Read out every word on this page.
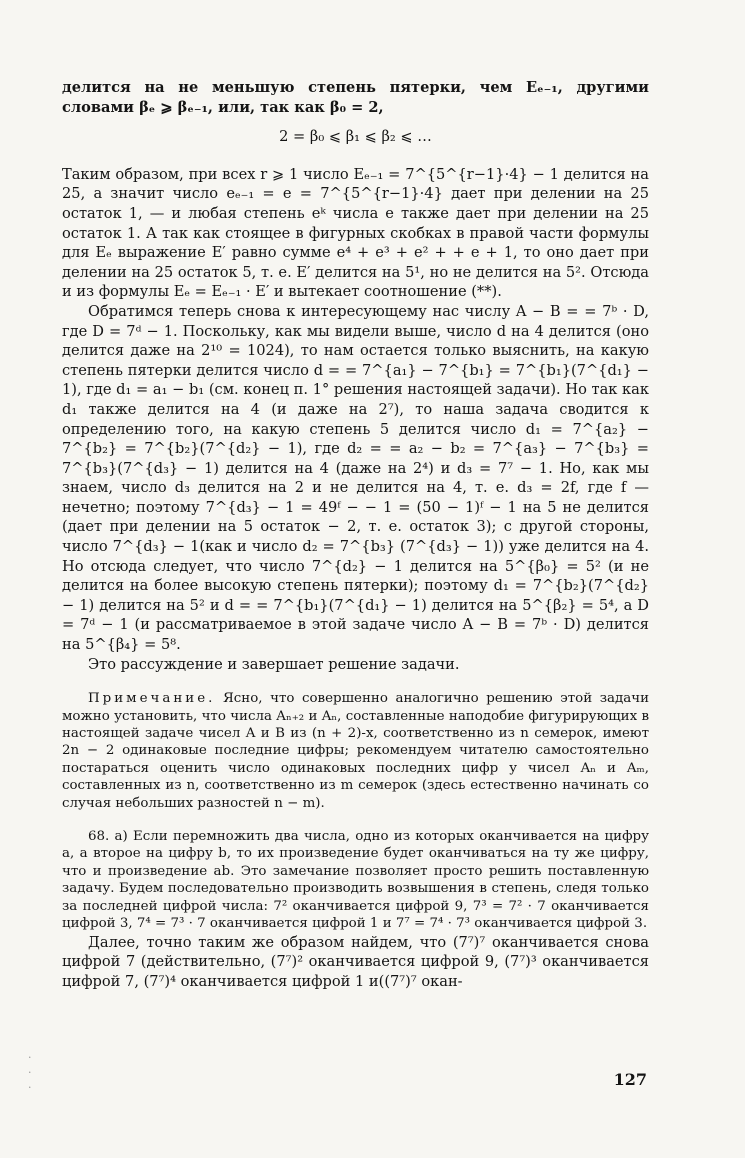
делится на не меньшую степень пятерки, чем Eₑ₋₁, другими словами βₑ ⩾ βₑ₋₁, или, так как β₀ = 2,

2 = β₀ ⩽ β₁ ⩽ β₂ ⩽ …

Таким образом, при всех r ⩾ 1 число Eₑ₋₁ = 7^{5^{r−1}·4} − 1 делится на 25, а значит число eₑ₋₁ = e = 7^{5^{r−1}·4} дает при делении на 25 остаток 1, — и любая степень eᵏ числа e также дает при делении на 25 остаток 1. А так как стоящее в фигурных скобках в правой части формулы для Eₑ выражение E′ равно сумме e⁴ + e³ + e² + + e + 1, то оно дает при делении на 25 остаток 5, т. е. E′ делится на 5¹, но не делится на 5². Отсюда и из формулы Eₑ = Eₑ₋₁ · E′ и вытекает соотношение (**).

Обратимся теперь снова к интересующему нас числу A − B = = 7ᵇ · D, где D = 7ᵈ − 1. Поскольку, как мы видели выше, число d на 4 делится (оно делится даже на 2¹⁰ = 1024), то нам остается только выяснить, на какую степень пятерки делится число d = = 7^{a₁} − 7^{b₁} = 7^{b₁}(7^{d₁} − 1), где d₁ = a₁ − b₁ (см. конец п. 1° решения настоящей задачи). Но так как d₁ также делится на 4 (и даже на 2⁷), то наша задача сводится к определению того, на какую степень 5 делится число d₁ = 7^{a₂} − 7^{b₂} = 7^{b₂}(7^{d₂} − 1), где d₂ = = a₂ − b₂ = 7^{a₃} − 7^{b₃} = 7^{b₃}(7^{d₃} − 1) делится на 4 (даже на 2⁴) и d₃ = 7⁷ − 1. Но, как мы знаем, число d₃ делится на 2 и не делится на 4, т. е. d₃ = 2f, где f — нечетно; поэтому 7^{d₃} − 1 = 49ᶠ − − 1 = (50 − 1)ᶠ − 1 на 5 не делится (дает при делении на 5 остаток − 2, т. е. остаток 3); с другой стороны, число 7^{d₃} − 1(как и число d₂ = 7^{b₃} (7^{d₃} − 1)) уже делится на 4. Но отсюда следует, что число 7^{d₂} − 1 делится на 5^{β₀} = 5² (и не делится на более высокую степень пятерки); поэтому d₁ = 7^{b₂}(7^{d₂} − 1) делится на 5² и d = = 7^{b₁}(7^{d₁} − 1) делится на 5^{β₂} = 5⁴, а D = 7ᵈ − 1 (и рассматриваемое в этой задаче число A − B = 7ᵇ · D) делится на 5^{β₄} = 5⁸.

Это рассуждение и завершает решение задачи.

Примечание. Ясно, что совершенно аналогично решению этой задачи можно установить, что числа Aₙ₊₂ и Aₙ, составленные наподобие фигурирующих в настоящей задаче чисел A и B из (n + 2)-х, соответственно из n семерок, имеют 2n − 2 одинаковые последние цифры; рекомендуем читателю самостоятельно постараться оценить число одинаковых последних цифр у чисел Aₙ и Aₘ, составленных из n, соответственно из m семерок (здесь естественно начинать со случая небольших разностей n − m).

68. а) Если перемножить два числа, одно из которых оканчивается на цифру a, а второе на цифру b, то их произведение будет оканчиваться на ту же цифру, что и произведение ab. Это замечание позволяет просто решить поставленную задачу. Будем последовательно производить возвышения в степень, следя только за последней цифрой числа: 7² оканчивается цифрой 9, 7³ = 7² · 7 оканчивается цифрой 3, 7⁴ = 7³ · 7 оканчивается цифрой 1 и 7⁷ = 7⁴ · 7³ оканчивается цифрой 3.

Далее, точно таким же образом найдем, что (7⁷)⁷ оканчивается снова цифрой 7 (действительно, (7⁷)² оканчивается цифрой 9, (7⁷)³ оканчивается цифрой 7, (7⁷)⁴ оканчивается цифрой 1 и((7⁷)⁷ окан-

127
·
·
·
